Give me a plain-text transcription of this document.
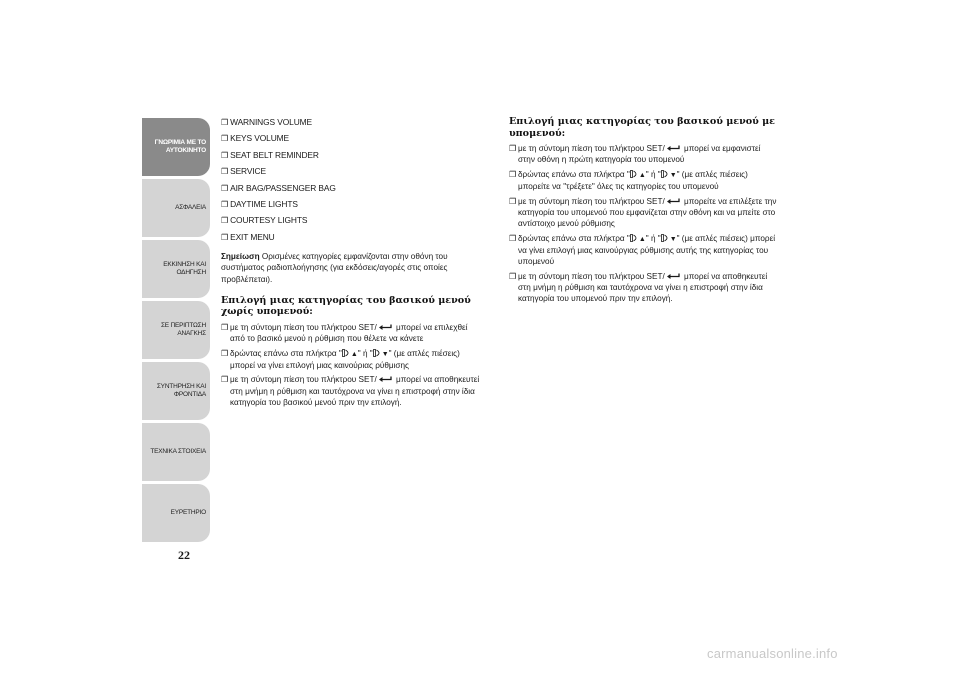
ΓΝΩΡΙΜΙΑ ΜΕ ΤΟ
ΑΥΤΟΚΙΝΗΤΟ
ΑΣΦΑΛΕΙΑ
ΕΚΚΙΝΗΣΗ ΚΑΙ
ΟΔΗΓΗΣΗ
ΣΕ ΠΕΡΙΠΤΩΣΗ
ΑΝΑΓΚΗΣ
ΣΥΝΤΗΡΗΣΗ ΚΑΙ
ΦΡΟΝΤΙΔΑ
ΤΕΧΝΙΚΑ ΣΤΟΙΧΕΙΑ
ΕΥΡΕΤΗΡΙΟ
22
❒ WARNINGS VOLUME
❒ KEYS VOLUME
❒ SEAT BELT REMINDER
❒ SERVICE
❒ AIR BAG/PASSENGER BAG
❒ DAYTIME LIGHTS
❒ COURTESY LIGHTS
❒ EXIT MENU

Σημείωση Ορισμένες κατηγορίες εμφανίζονται στην οθόνη του συστήματος ραδιοπλοήγησης (για εκδόσεις/αγορές στις οποίες προβλέπεται).

Επιλογή μιας κατηγορίας του βασικού μενού χωρίς υπομενού:
❒ με τη σύντομη πίεση του πλήκτρου SET/
μπορεί να επιλεχθεί από το βασικό μενού η ρύθμιση που θέλετε να κάνετε
❒ δρώντας επάνω στα πλήκτρα " ▲" ή " ▼" (με απλές πιέσεις) μπορεί να γίνει επιλογή μιας καινούριας ρύθμισης
❒ με τη σύντομη πίεση του πλήκτρου SET/
μπορεί να αποθηκευτεί στη μνήμη η ρύθμιση και ταυτόχρονα να γίνει η επιστροφή στην ίδια κατηγορία του βασικού μενού πριν την επιλογή.
Επιλογή μιας κατηγορίας του βασικού μενού με υπομενού:
❒ με τη σύντομη πίεση του πλήκτρου SET/
μπορεί να εμφανιστεί στην οθόνη η πρώτη κατηγορία του υπομενού
❒ δρώντας επάνω στα πλήκτρα " ▲" ή " ▼" (με απλές πιέσεις) μπορείτε να "τρέξετε" όλες τις κατηγορίες του υπομενού
❒ με τη σύντομη πίεση του πλήκτρου SET/
μπορείτε να επιλέξετε την κατηγορία του υπομενού που εμφανίζεται στην οθόνη και να μπείτε στο αντίστοιχο μενού ρύθμισης
❒ δρώντας επάνω στα πλήκτρα " ▲" ή " ▼" (με απλές πιέσεις) μπορεί να γίνει επιλογή μιας καινούργιας ρύθμισης αυτής της κατηγορίας του υπομενού
❒ με τη σύντομη πίεση του πλήκτρου SET/
μπορεί να αποθηκευτεί στη μνήμη η ρύθμιση και ταυτόχρονα να γίνει η επιστροφή στην ίδια κατηγορία του υπομενού πριν την επιλογή.
carmanualsonline.info
